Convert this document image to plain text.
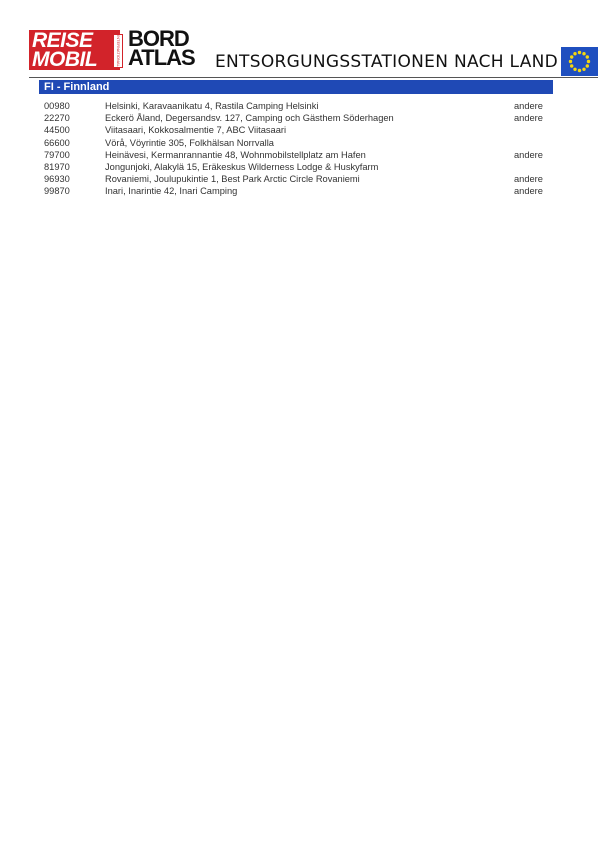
REISE
MOBIL	INTERNATIONAL BORD
ATLAS	ENTSORGUNGSSTATIONEN NACH LAND
FI - Finnland
00980	Helsinki, Karavaanikatu 4, Rastila Camping Helsinki	andere
22270	Eckerö Åland, Degersandsv. 127, Camping och Gästhem Söderhagen	andere
44500	Viitasaari, Kokkosalmentie 7, ABC Viitasaari
66600	Vörå, Vöyrintie 305, Folkhälsan Norrvalla
79700	Heinävesi, Kermanrannantie 48, Wohnmobilstellplatz am Hafen	andere
81970	Jongunjoki, Alakylä 15, Eräkeskus Wilderness Lodge & Huskyfarm
96930	Rovaniemi, Joulupukintie 1, Best Park Arctic Circle Rovaniemi	andere
99870	Inari, Inarintie 42, Inari Camping	andere
